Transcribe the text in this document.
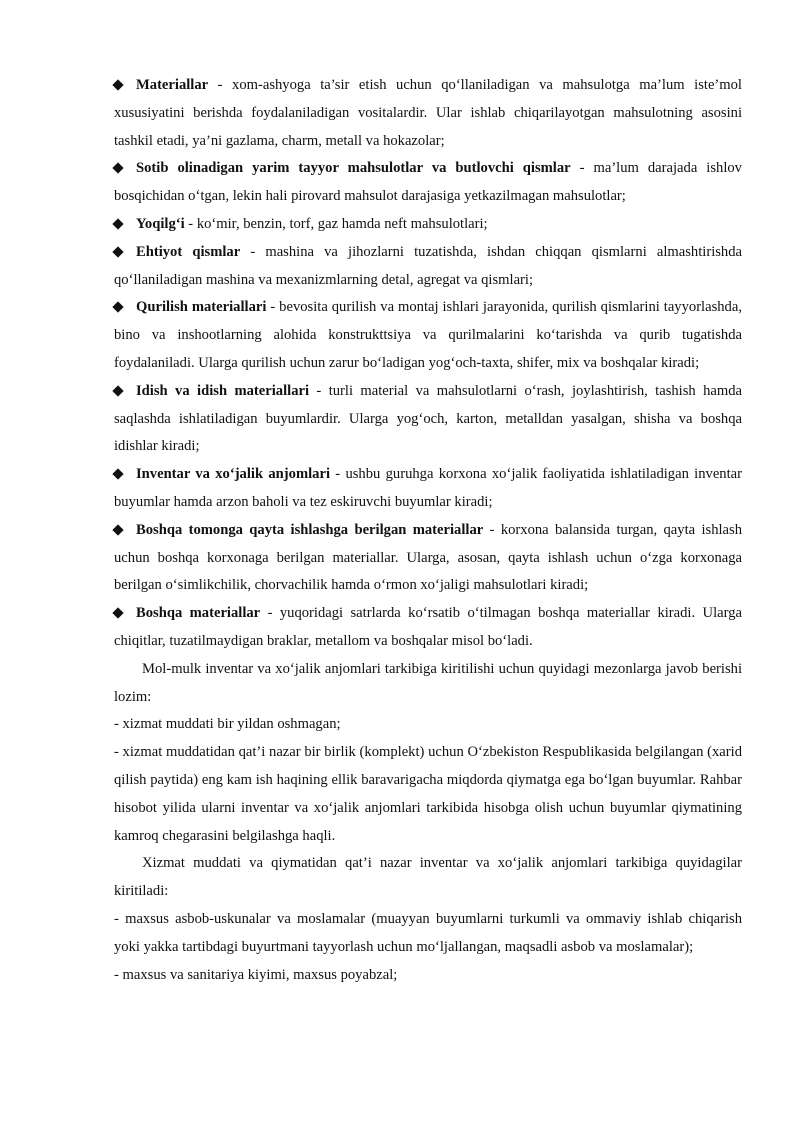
Materiallar - xom-ashyoga ta’sir etish uchun qo‘llaniladigan va mahsulotga ma’lum iste’mol xususiyatini berishda foydalaniladigan vositalardir. Ular ishlab chiqarilayotgan mahsulotning asosini tashkil etadi, ya’ni gazlama, charm, metall va hokazolar;

Sotib olinadigan yarim tayyor mahsulotlar va butlovchi qismlar - ma’lum darajada ishlov bosqichidan o‘tgan, lekin hali pirovard mahsulot darajasiga yetkazilmagan mahsulotlar;

Yoqilg‘i - ko‘mir, benzin, torf, gaz hamda neft mahsulotlari;

Ehtiyot qismlar - mashina va jihozlarni tuzatishda, ishdan chiqqan qismlarni almashtirishda qo‘llaniladigan mashina va mexanizmlarning detal, agregat va qismlari;

Qurilish materiallari - bevosita qurilish va montaj ishlari jarayonida, qurilish qismlarini tayyorlashda, bino va inshootlarning alohida konstrukttsiya va qurilmalarini ko‘tarishda va qurib tugatishda foydalaniladi. Ularga qurilish uchun zarur bo‘ladigan yog‘och-taxta, shifer, mix va boshqalar kiradi;

Idish va idish materiallari - turli material va mahsulotlarni o‘rash, joylashtirish, tashish hamda saqlashda ishlatiladigan buyumlardir. Ularga yog‘och, karton, metalldan yasalgan, shisha va boshqa idishlar kiradi;

Inventar va xo‘jalik anjomlari - ushbu guruhga korxona xo‘jalik faoliyatida ishlatiladigan inventar buyumlar hamda arzon baholi va tez eskiruvchi buyumlar kiradi;

Boshqa tomonga qayta ishlashga berilgan materiallar - korxona balansida turgan, qayta ishlash uchun boshqa korxonaga berilgan materiallar. Ularga, asosan, qayta ishlash uchun o‘zga korxonaga berilgan o‘simlikchilik, chorvachilik hamda o‘rmon xo‘jaligi mahsulotlari kiradi;

Boshqa materiallar - yuqoridagi satrlarda ko‘rsatib o‘tilmagan boshqa materiallar kiradi. Ularga chiqitlar, tuzatilmaydigan braklar, metallom va boshqalar misol bo‘ladi.

Mol-mulk inventar va xo‘jalik anjomlari tarkibiga kiritilishi uchun quyidagi mezonlarga javob berishi lozim:

- xizmat muddati bir yildan oshmagan;

- xizmat muddatidan qat’i nazar bir birlik (komplekt) uchun O‘zbekiston Respublikasida belgilangan (xarid qilish paytida) eng kam ish haqining ellik baravarigacha miqdorda qiymatga ega bo‘lgan buyumlar. Rahbar hisobot yilida ularni inventar va xo‘jalik anjomlari tarkibida hisobga olish uchun buyumlar qiymatining kamroq chegarasini belgilashga haqli.

Xizmat muddati va qiymatidan qat’i nazar inventar va xo‘jalik anjomlari tarkibiga quyidagilar kiritiladi:

- maxsus asbob-uskunalar va moslamalar (muayyan buyumlarni turkumli va ommaviy ishlab chiqarish yoki yakka tartibdagi buyurtmani tayyorlash uchun mo‘ljallangan, maqsadli asbob va moslamalar);

- maxsus va sanitariya kiyimi, maxsus poyabzal;
